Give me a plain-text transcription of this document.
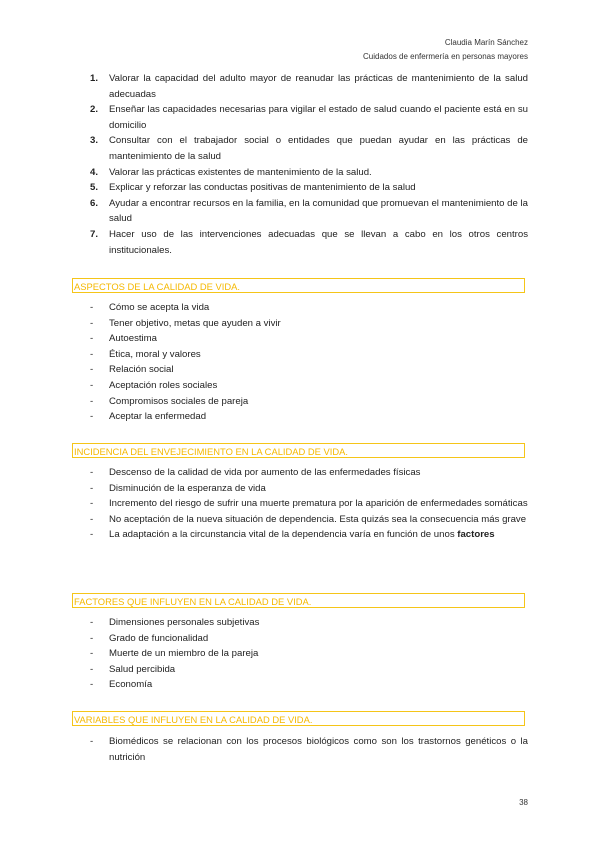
Claudia Marín Sánchez
Cuidados de enfermería en personas mayores
1. Valorar la capacidad del adulto mayor de reanudar las prácticas de mantenimiento de la salud adecuadas
2. Enseñar las capacidades necesarias para vigilar el estado de salud cuando el paciente está en su domicilio
3. Consultar con el trabajador social o entidades que puedan ayudar en las prácticas de mantenimiento de la salud
4. Valorar las prácticas existentes de mantenimiento de la salud.
5. Explicar y reforzar las conductas positivas de mantenimiento de la salud
6. Ayudar a encontrar recursos en la familia, en la comunidad que promuevan el mantenimiento de la salud
7. Hacer uso de las intervenciones adecuadas que se llevan a cabo en los otros centros institucionales.
ASPECTOS DE LA CALIDAD DE VIDA.
- Cómo se acepta la vida
- Tener objetivo, metas que ayuden a vivir
- Autoestima
- Ética, moral y valores
- Relación social
- Aceptación roles sociales
- Compromisos sociales de pareja
- Aceptar la enfermedad
INCIDENCIA DEL ENVEJECIMIENTO EN LA CALIDAD DE VIDA.
- Descenso de la calidad de vida por aumento de las enfermedades físicas
- Disminución de la esperanza de vida
- Incremento del riesgo de sufrir una muerte prematura por la aparición de enfermedades somáticas
- No aceptación de la nueva situación de dependencia. Esta quizás sea la consecuencia más grave
- La adaptación a la circunstancia vital de la dependencia varía en función de unos factores
FACTORES QUE INFLUYEN EN LA CALIDAD DE VIDA.
- Dimensiones personales subjetivas
- Grado de funcionalidad
- Muerte de un miembro de la pareja
- Salud percibida
- Economía
VARIABLES QUE INFLUYEN EN LA CALIDAD DE VIDA.
- Biomédicos se relacionan con los procesos biológicos como son los trastornos genéticos o la nutrición
38
